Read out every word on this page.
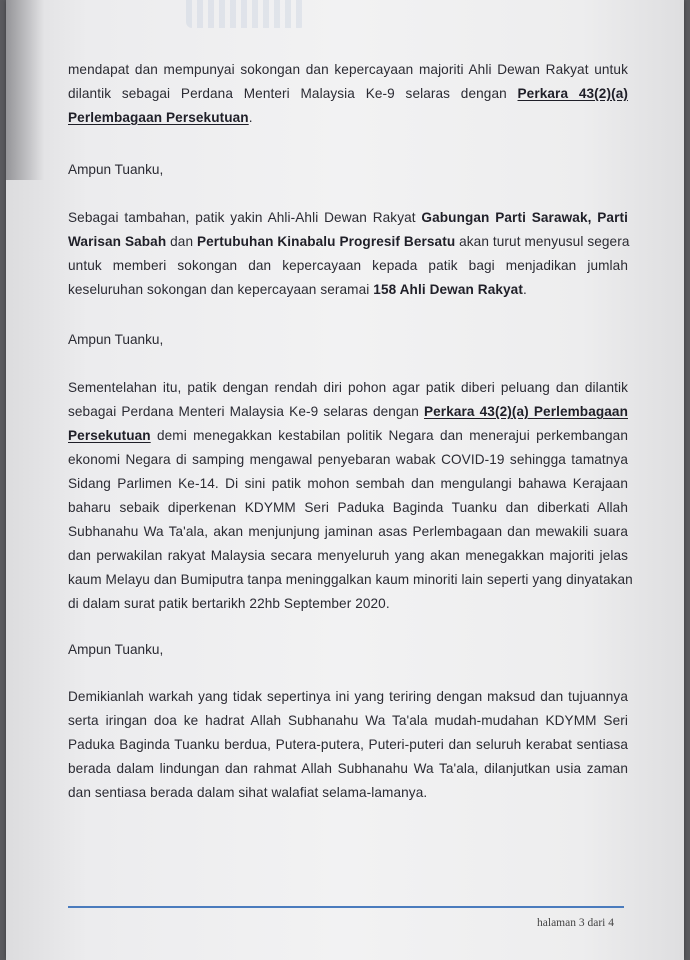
mendapat dan mempunyai sokongan dan kepercayaan majoriti Ahli Dewan Rakyat untuk
dilantik sebagai Perdana Menteri Malaysia Ke-9 selaras dengan Perkara 43(2)(a)
Perlembagaan Persekutuan.
Ampun Tuanku,
Sebagai tambahan, patik yakin Ahli-Ahli Dewan Rakyat Gabungan Parti Sarawak, Parti
Warisan Sabah dan Pertubuhan Kinabalu Progresif Bersatu akan turut menyusul segera
untuk memberi sokongan dan kepercayaan kepada patik bagi menjadikan jumlah
keseluruhan sokongan dan kepercayaan seramai 158 Ahli Dewan Rakyat.
Ampun Tuanku,
Sementelahan itu, patik dengan rendah diri pohon agar patik diberi peluang dan dilantik
sebagai Perdana Menteri Malaysia Ke-9 selaras dengan Perkara 43(2)(a) Perlembagaan
Persekutuan demi menegakkan kestabilan politik Negara dan menerajui perkembangan
ekonomi Negara di samping mengawal penyebaran wabak COVID-19 sehingga tamatnya
Sidang Parlimen Ke-14. Di sini patik mohon sembah dan mengulangi bahawa Kerajaan
baharu sebaik diperkenan KDYMM Seri Paduka Baginda Tuanku dan diberkati Allah
Subhanahu Wa Ta'ala, akan menjunjung jaminan asas Perlembagaan dan mewakili suara
dan perwakilan rakyat Malaysia secara menyeluruh yang akan menegakkan majoriti jelas
kaum Melayu dan Bumiputra tanpa meninggalkan kaum minoriti lain seperti yang dinyatakan
di dalam surat patik bertarikh 22hb September 2020.
Ampun Tuanku,
Demikianlah warkah yang tidak sepertinya ini yang teriring dengan maksud dan tujuannya
serta iringan doa ke hadrat Allah Subhanahu Wa Ta'ala mudah-mudahan KDYMM Seri
Paduka Baginda Tuanku berdua, Putera-putera, Puteri-puteri dan seluruh kerabat sentiasa
berada dalam lindungan dan rahmat Allah Subhanahu Wa Ta'ala, dilanjutkan usia zaman
dan sentiasa berada dalam sihat walafiat selama-lamanya.
halaman 3 dari 4
